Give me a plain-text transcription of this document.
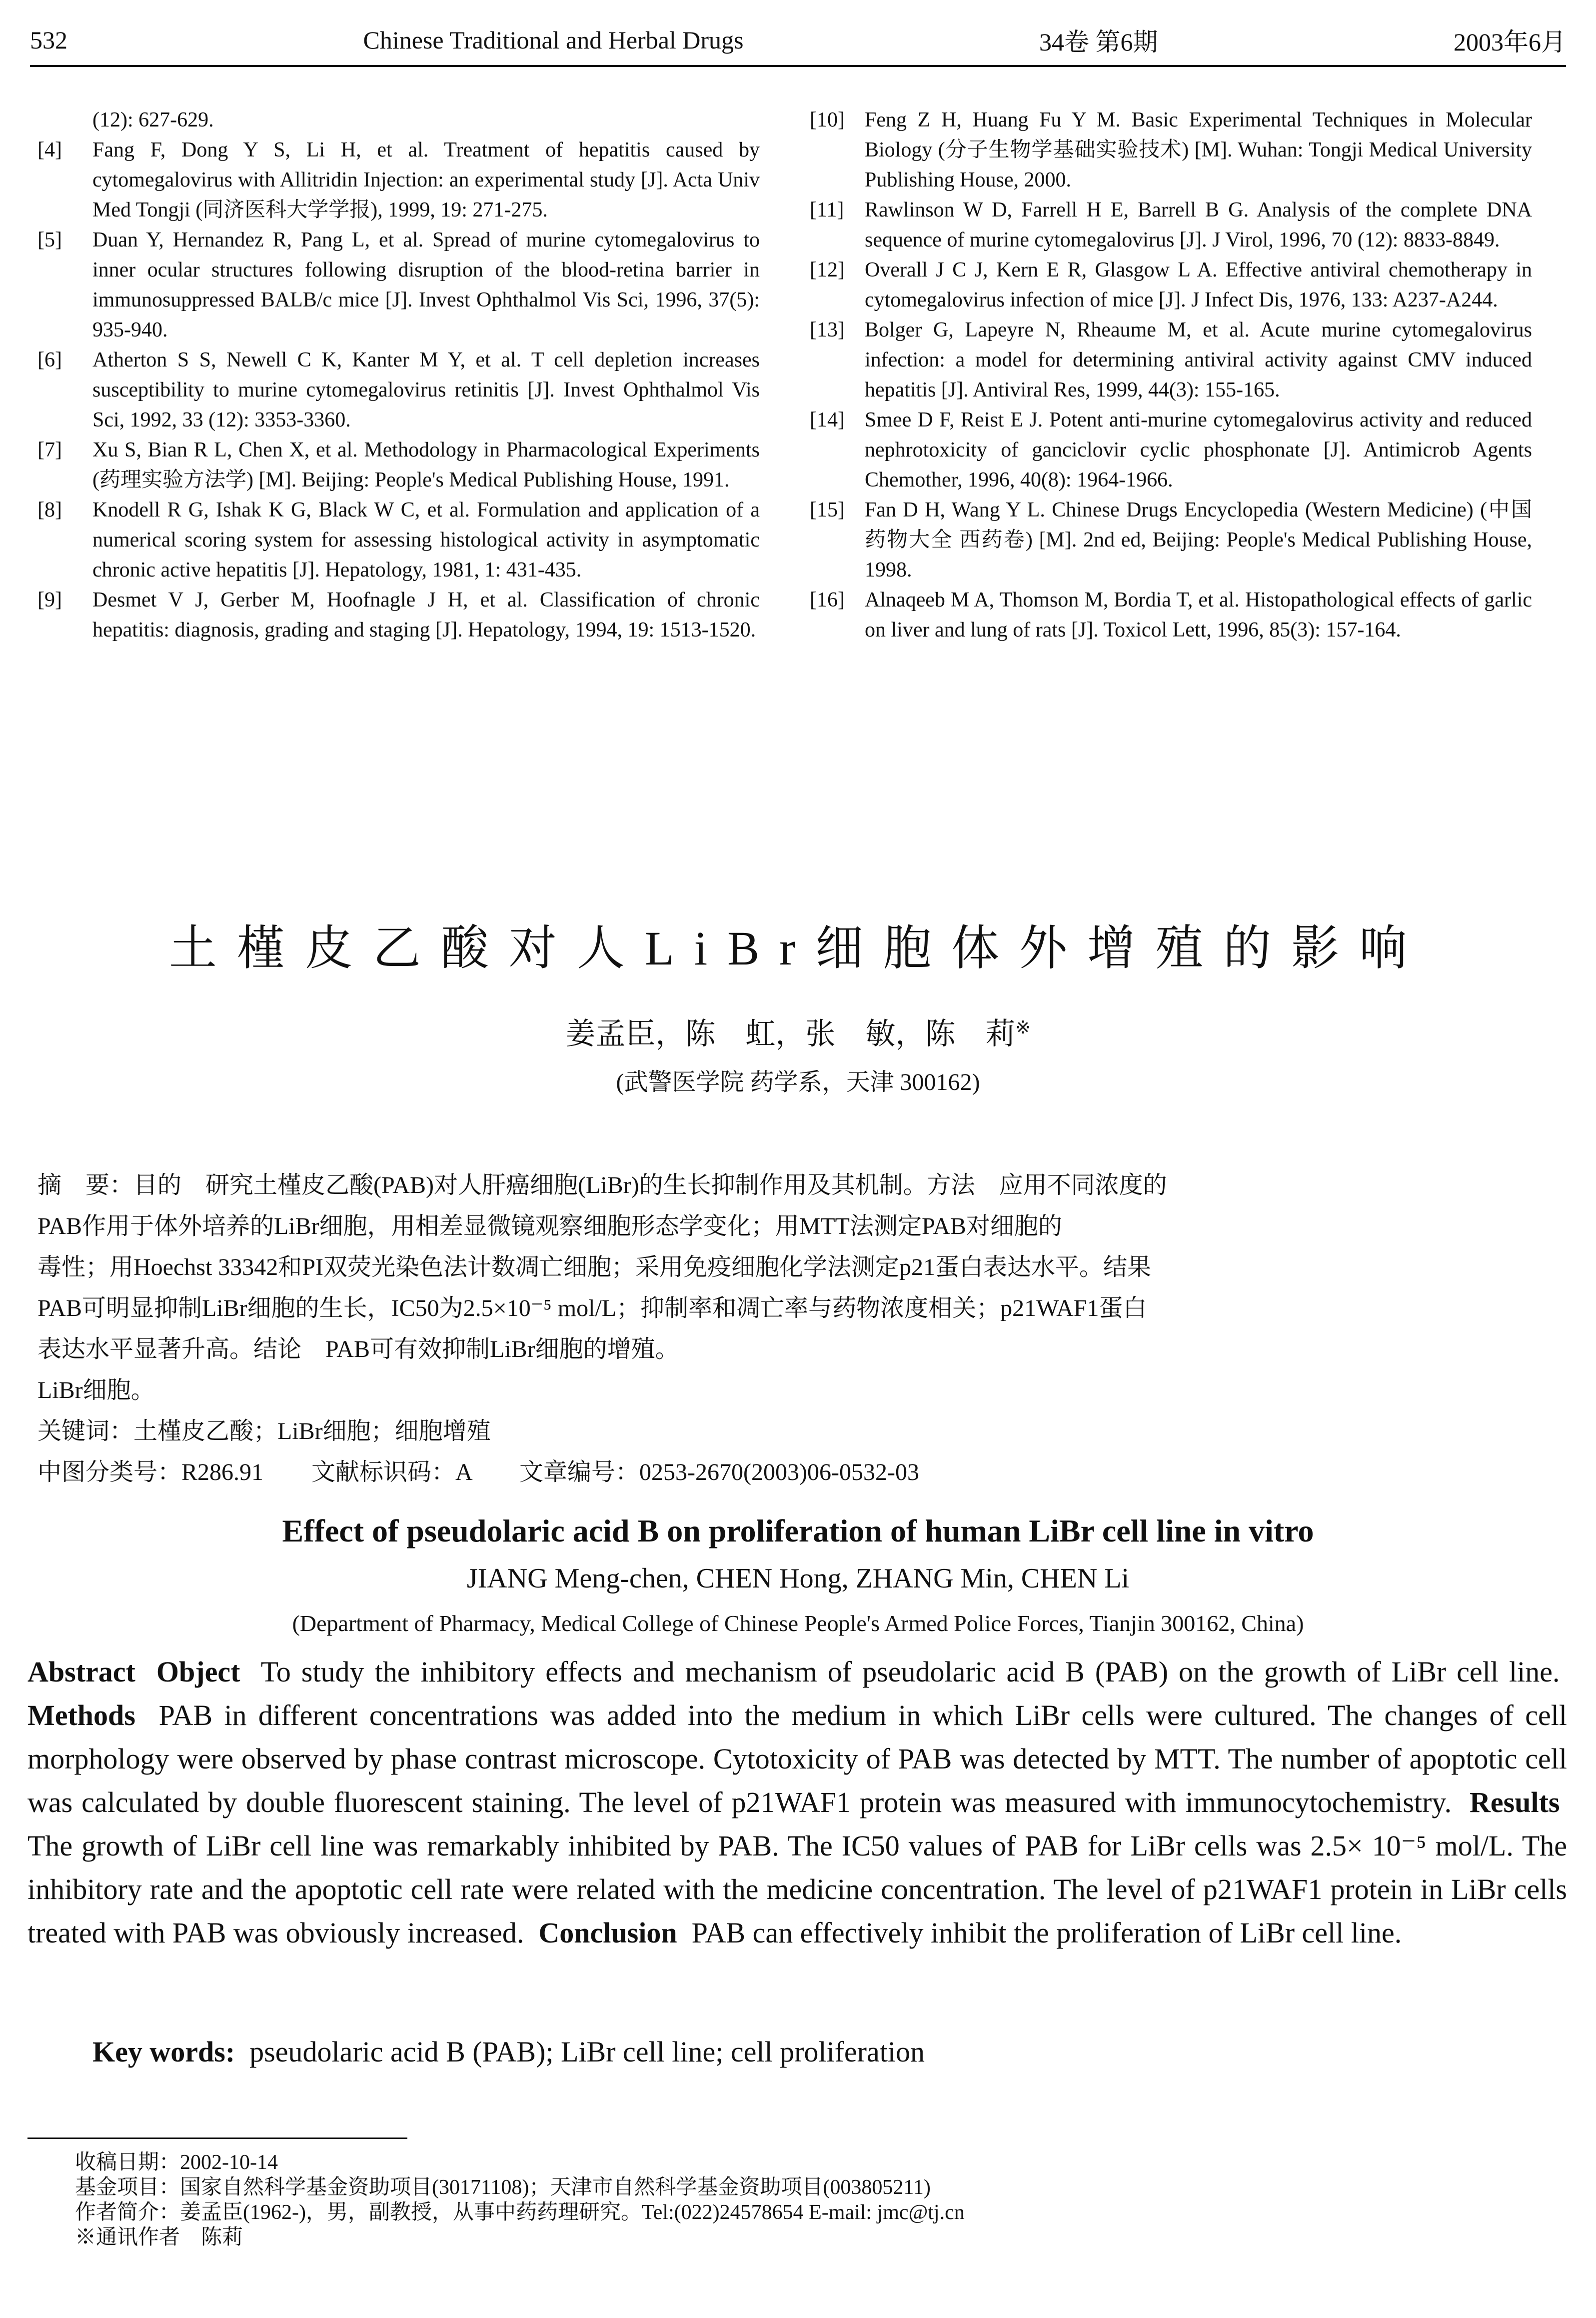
532	Chinese Traditional and Herbal Drugs	34卷 第6期	2003年6月
(12): 627-629.
[4]	Fang F, Dong Y S, Li H, et al. Treatment of hepatitis caused by cytomegalovirus with Allitridin Injection: an experimental study [J]. Acta Univ Med Tongji (同济医科大学学报), 1999, 19: 271-275.
[5]	Duan Y, Hernandez R, Pang L, et al. Spread of murine cytomegalovirus to inner ocular structures following disruption of the blood-retina barrier in immunosuppressed BALB/c mice [J]. Invest Ophthalmol Vis Sci, 1996, 37(5): 935-940.
[6]	Atherton S S, Newell C K, Kanter M Y, et al. T cell depletion increases susceptibility to murine cytomegalovirus retinitis [J]. Invest Ophthalmol Vis Sci, 1992, 33 (12): 3353-3360.
[7]	Xu S, Bian R L, Chen X, et al. Methodology in Pharmacological Experiments (药理实验方法学) [M]. Beijing: People's Medical Publishing House, 1991.
[8]	Knodell R G, Ishak K G, Black W C, et al. Formulation and application of a numerical scoring system for assessing histological activity in asymptomatic chronic active hepatitis [J]. Hepatology, 1981, 1: 431-435.
[9]	Desmet V J, Gerber M, Hoofnagle J H, et al. Classification of chronic hepatitis: diagnosis, grading and staging [J]. Hepatology, 1994, 19: 1513-1520.
[10] Feng Z H, Huang Fu Y M. Basic Experimental Techniques in Molecular Biology (分子生物学基础实验技术) [M]. Wuhan: Tongji Medical University Publishing House, 2000.
[11] Rawlinson W D, Farrell H E, Barrell B G. Analysis of the complete DNA sequence of murine cytomegalovirus [J]. J Virol, 1996, 70 (12): 8833-8849.
[12] Overall J C J, Kern E R, Glasgow L A. Effective antiviral chemotherapy in cytomegalovirus infection of mice [J]. J Infect Dis, 1976, 133: A237-A244.
[13] Bolger G, Lapeyre N, Rheaume M, et al. Acute murine cytomegalovirus infection: a model for determining antiviral activity against CMV induced hepatitis [J]. Antiviral Res, 1999, 44(3): 155-165.
[14] Smee D F, Reist E J. Potent anti-murine cytomegalovirus activity and reduced nephrotoxicity of ganciclovir cyclic phosphonate [J]. Antimicrob Agents Chemother, 1996, 40(8): 1964-1966.
[15] Fan D H, Wang Y L. Chinese Drugs Encyclopedia (Western Medicine) (中国药物大全 西药卷) [M]. 2nd ed, Beijing: People's Medical Publishing House, 1998.
[16] Alnaqeeb M A, Thomson M, Bordia T, et al. Histopathological effects of garlic on liver and lung of rats [J]. Toxicol Lett, 1996, 85(3): 157-164.
土槿皮乙酸对人LiBr细胞体外增殖的影响
姜孟臣，陈　虹，张　敏，陈　莉※
(武警医学院 药学系，天津 300162)

摘　要：目的　研究土槿皮乙酸(PAB)对人肝癌细胞(LiBr)的生长抑制作用及其机制。方法　应用不同浓度的

PAB作用于体外培养的LiBr细胞，用相差显微镜观察细胞形态学变化；用MTT法测定PAB对细胞的

毒性；用Hoechst 33342和PI双荧光染色法计数凋亡细胞；采用免疫细胞化学法测定p21蛋白表达水平。结果

PAB可明显抑制LiBr细胞的生长，IC50为2.5×10⁻⁵ mol/L；抑制率和凋亡率与药物浓度相关；p21WAF1蛋白

表达水平显著升高。结论　PAB可有效抑制LiBr细胞的增殖。

LiBr细胞。

关键词：土槿皮乙酸；LiBr细胞；细胞增殖

中图分类号：R286.91　　文献标识码：A　　文章编号：0253-2670(2003)06-0532-03

Effect of pseudolaric acid B on proliferation of human LiBr cell line in vitro
JIANG Meng-chen, CHEN Hong, ZHANG Min, CHEN Li
(Department of Pharmacy, Medical College of Chinese People's Armed Police Forces, Tianjin 300162, China)
Abstract Object To study the inhibitory effects and mechanism of pseudolaric acid B (PAB) on the growth of LiBr cell line.  Methods PAB in different concentrations was added into the medium in which LiBr cells were cultured. The changes of cell morphology were observed by phase contrast microscope. Cytotoxicity of PAB was detected by MTT. The number of apoptotic cell was calculated by double fluorescent staining. The level of p21WAF1 protein was measured with immunocytochemistry. Results  The growth of LiBr cell line was remarkably inhibited by PAB. The IC50 values of PAB for LiBr cells was 2.5× 10⁻⁵ mol/L. The inhibitory rate and the apoptotic cell rate were related with the medicine concentration. The level of p21WAF1 protein in LiBr cells treated with PAB was obviously increased. Conclusion PAB can effectively inhibit the proliferation of LiBr cell line.
Key words: pseudolaric acid B (PAB); LiBr cell line; cell proliferation
收稿日期：2002-10-14
基金项目：国家自然科学基金资助项目(30171108)；天津市自然科学基金资助项目(003805211)
作者简介：姜孟臣(1962-)，男，副教授，从事中药药理研究。Tel:(022)24578654 E-mail: jmc@tj.cn
※通讯作者　陈莉
